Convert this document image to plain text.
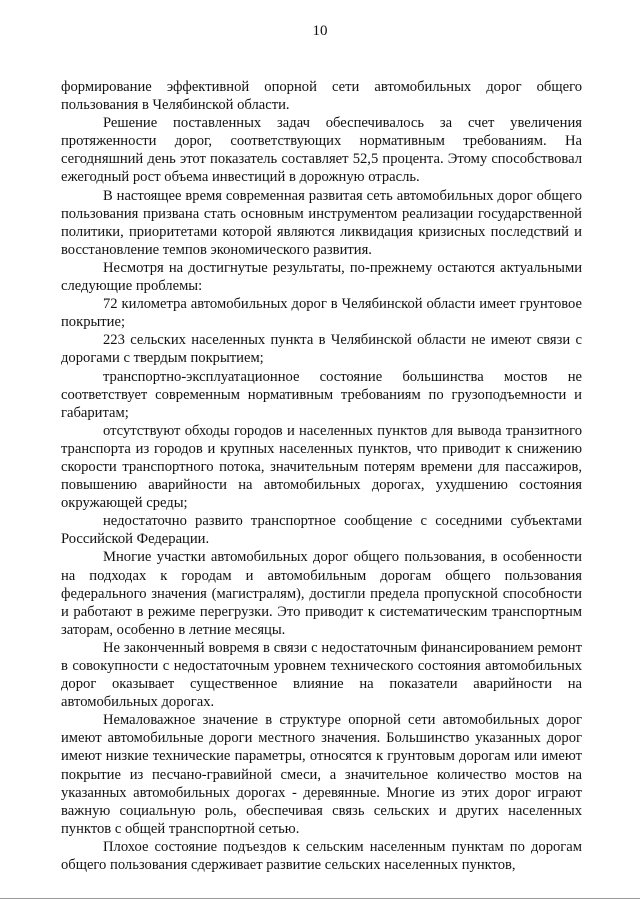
10

формирование эффективной опорной сети автомобильных дорог общего пользования в Челябинской области.

Решение поставленных задач обеспечивалось за счет увеличения протяженности дорог, соответствующих нормативным требованиям. На сегодняшний день этот показатель составляет 52,5 процента. Этому способствовал ежегодный рост объема инвестиций в дорожную отрасль.

В настоящее время современная развитая сеть автомобильных дорог общего пользования призвана стать основным инструментом реализации государственной политики, приоритетами которой являются ликвидация кризисных последствий и восстановление темпов экономического развития.

Несмотря на достигнутые результаты, по-прежнему остаются актуальными следующие проблемы:

72 километра автомобильных дорог в Челябинской области имеет грунтовое покрытие;

223 сельских населенных пункта в Челябинской области не имеют связи с дорогами с твердым покрытием;

транспортно-эксплуатационное состояние большинства мостов не соответствует современным нормативным требованиям по грузоподъемности и габаритам;

отсутствуют обходы городов и населенных пунктов для вывода транзитного транспорта из городов и крупных населенных пунктов, что приводит к снижению скорости транспортного потока, значительным потерям времени для пассажиров, повышению аварийности на автомобильных дорогах, ухудшению состояния окружающей среды;

недостаточно развито транспортное сообщение с соседними субъектами Российской Федерации.

Многие участки автомобильных дорог общего пользования, в особенности на подходах к городам и автомобильным дорогам общего пользования федерального значения (магистралям), достигли предела пропускной способности и работают в режиме перегрузки. Это приводит к систематическим транспортным заторам, особенно в летние месяцы.

Не законченный вовремя в связи с недостаточным финансированием ремонт в совокупности с недостаточным уровнем технического состояния автомобильных дорог оказывает существенное влияние на показатели аварийности на автомобильных дорогах.

Немаловажное значение в структуре опорной сети автомобильных дорог имеют автомобильные дороги местного значения. Большинство указанных дорог имеют низкие технические параметры, относятся к грунтовым дорогам или имеют покрытие из песчано-гравийной смеси, а значительное количество мостов на указанных автомобильных дорогах - деревянные. Многие из этих дорог играют важную социальную роль, обеспечивая связь сельских и других населенных пунктов с общей транспортной сетью.

Плохое состояние подъездов к сельским населенным пунктам по дорогам общего пользования сдерживает развитие сельских населенных пунктов,
